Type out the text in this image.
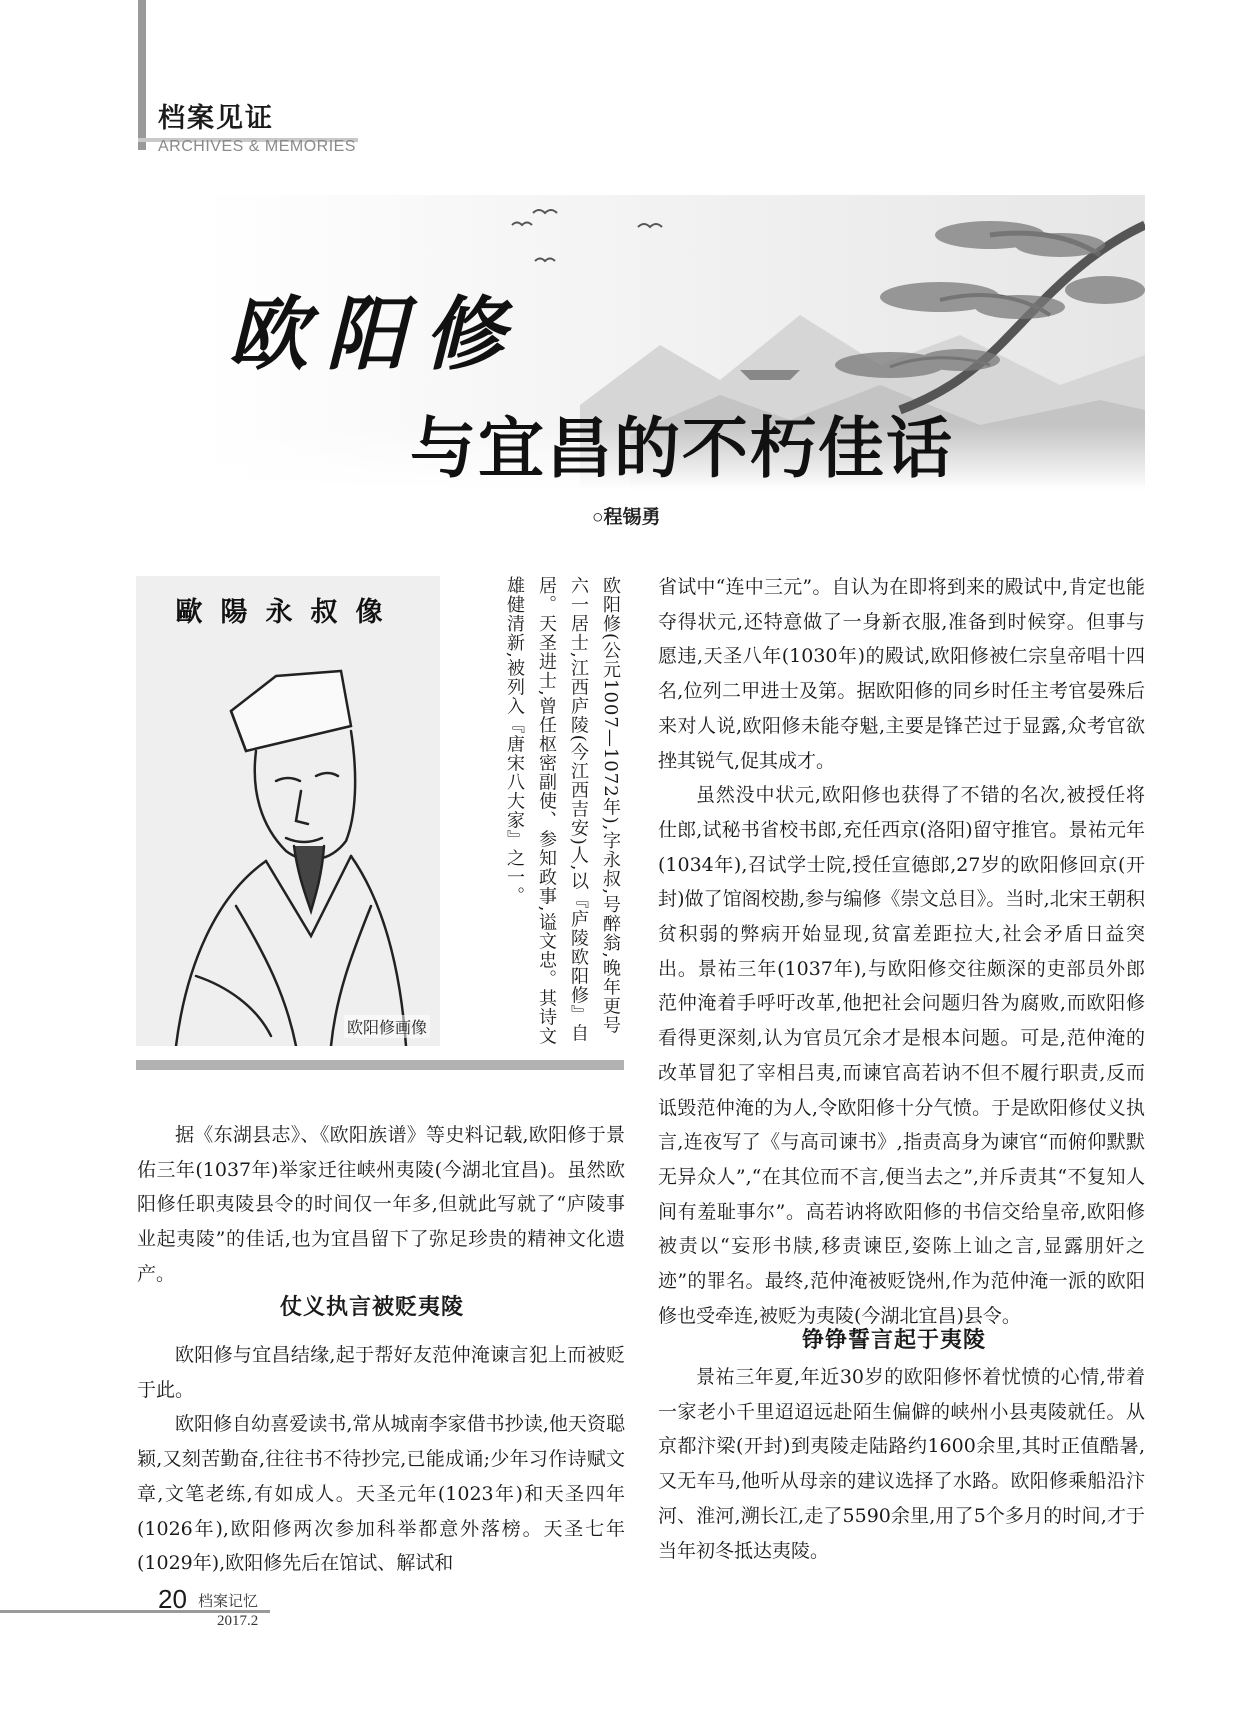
档案见证
ARCHIVES & MEMORIES
欧阳修
与宜昌的不朽佳话
○程锡勇
歐陽永叔像
欧阳修画像	欧阳修(公元1007—1072年),字永叔,号醉翁,晚年更号六一居士,江西庐陵(今江西吉安)人,以『庐陵欧阳修』自居。天圣进士,曾任枢密副使、参知政事,谥文忠。其诗文雄健清新,被列入『唐宋八大家』之一。

据《东湖县志》、《欧阳族谱》等史料记载,欧阳修于景佑三年(1037年)举家迁往峡州夷陵(今湖北宜昌)。虽然欧阳修任职夷陵县令的时间仅一年多,但就此写就了“庐陵事业起夷陵”的佳话,也为宜昌留下了弥足珍贵的精神文化遗产。

仗义执言被贬夷陵

欧阳修与宜昌结缘,起于帮好友范仲淹谏言犯上而被贬于此。

欧阳修自幼喜爱读书,常从城南李家借书抄读,他天资聪颖,又刻苦勤奋,往往书不待抄完,已能成诵;少年习作诗赋文章,文笔老练,有如成人。天圣元年(1023年)和天圣四年(1026年),欧阳修两次参加科举都意外落榜。天圣七年(1029年),欧阳修先后在馆试、解试和

省试中“连中三元”。自认为在即将到来的殿试中,肯定也能夺得状元,还特意做了一身新衣服,准备到时候穿。但事与愿违,天圣八年(1030年)的殿试,欧阳修被仁宗皇帝唱十四名,位列二甲进士及第。据欧阳修的同乡时任主考官晏殊后来对人说,欧阳修未能夺魁,主要是锋芒过于显露,众考官欲挫其锐气,促其成才。

虽然没中状元,欧阳修也获得了不错的名次,被授任将仕郎,试秘书省校书郎,充任西京(洛阳)留守推官。景祐元年(1034年),召试学士院,授任宣德郎,27岁的欧阳修回京(开封)做了馆阁校勘,参与编修《崇文总目》。当时,北宋王朝积贫积弱的弊病开始显现,贫富差距拉大,社会矛盾日益突出。景祐三年(1037年),与欧阳修交往颇深的吏部员外郎范仲淹着手呼吁改革,他把社会问题归咎为腐败,而欧阳修看得更深刻,认为官员冗余才是根本问题。可是,范仲淹的改革冒犯了宰相吕夷,而谏官高若讷不但不履行职责,反而诋毁范仲淹的为人,令欧阳修十分气愤。于是欧阳修仗义执言,连夜写了《与高司谏书》,指责高身为谏官“而俯仰默默无异众人”,“在其位而不言,便当去之”,并斥责其“不复知人间有羞耻事尔”。高若讷将欧阳修的书信交给皇帝,欧阳修被责以“妄形书牍,移责谏臣,姿陈上讪之言,显露朋奸之迹”的罪名。最终,范仲淹被贬饶州,作为范仲淹一派的欧阳修也受牵连,被贬为夷陵(今湖北宜昌)县令。

铮铮誓言起于夷陵

景祐三年夏,年近30岁的欧阳修怀着忧愤的心情,带着一家老小千里迢迢远赴陌生偏僻的峡州小县夷陵就任。从京都汴梁(开封)到夷陵走陆路约1600余里,其时正值酷暑,又无车马,他听从母亲的建议选择了水路。欧阳修乘船沿汴河、淮河,溯长江,走了5590余里,用了5个多月的时间,才于当年初冬抵达夷陵。

20 档案记忆
2017.2
